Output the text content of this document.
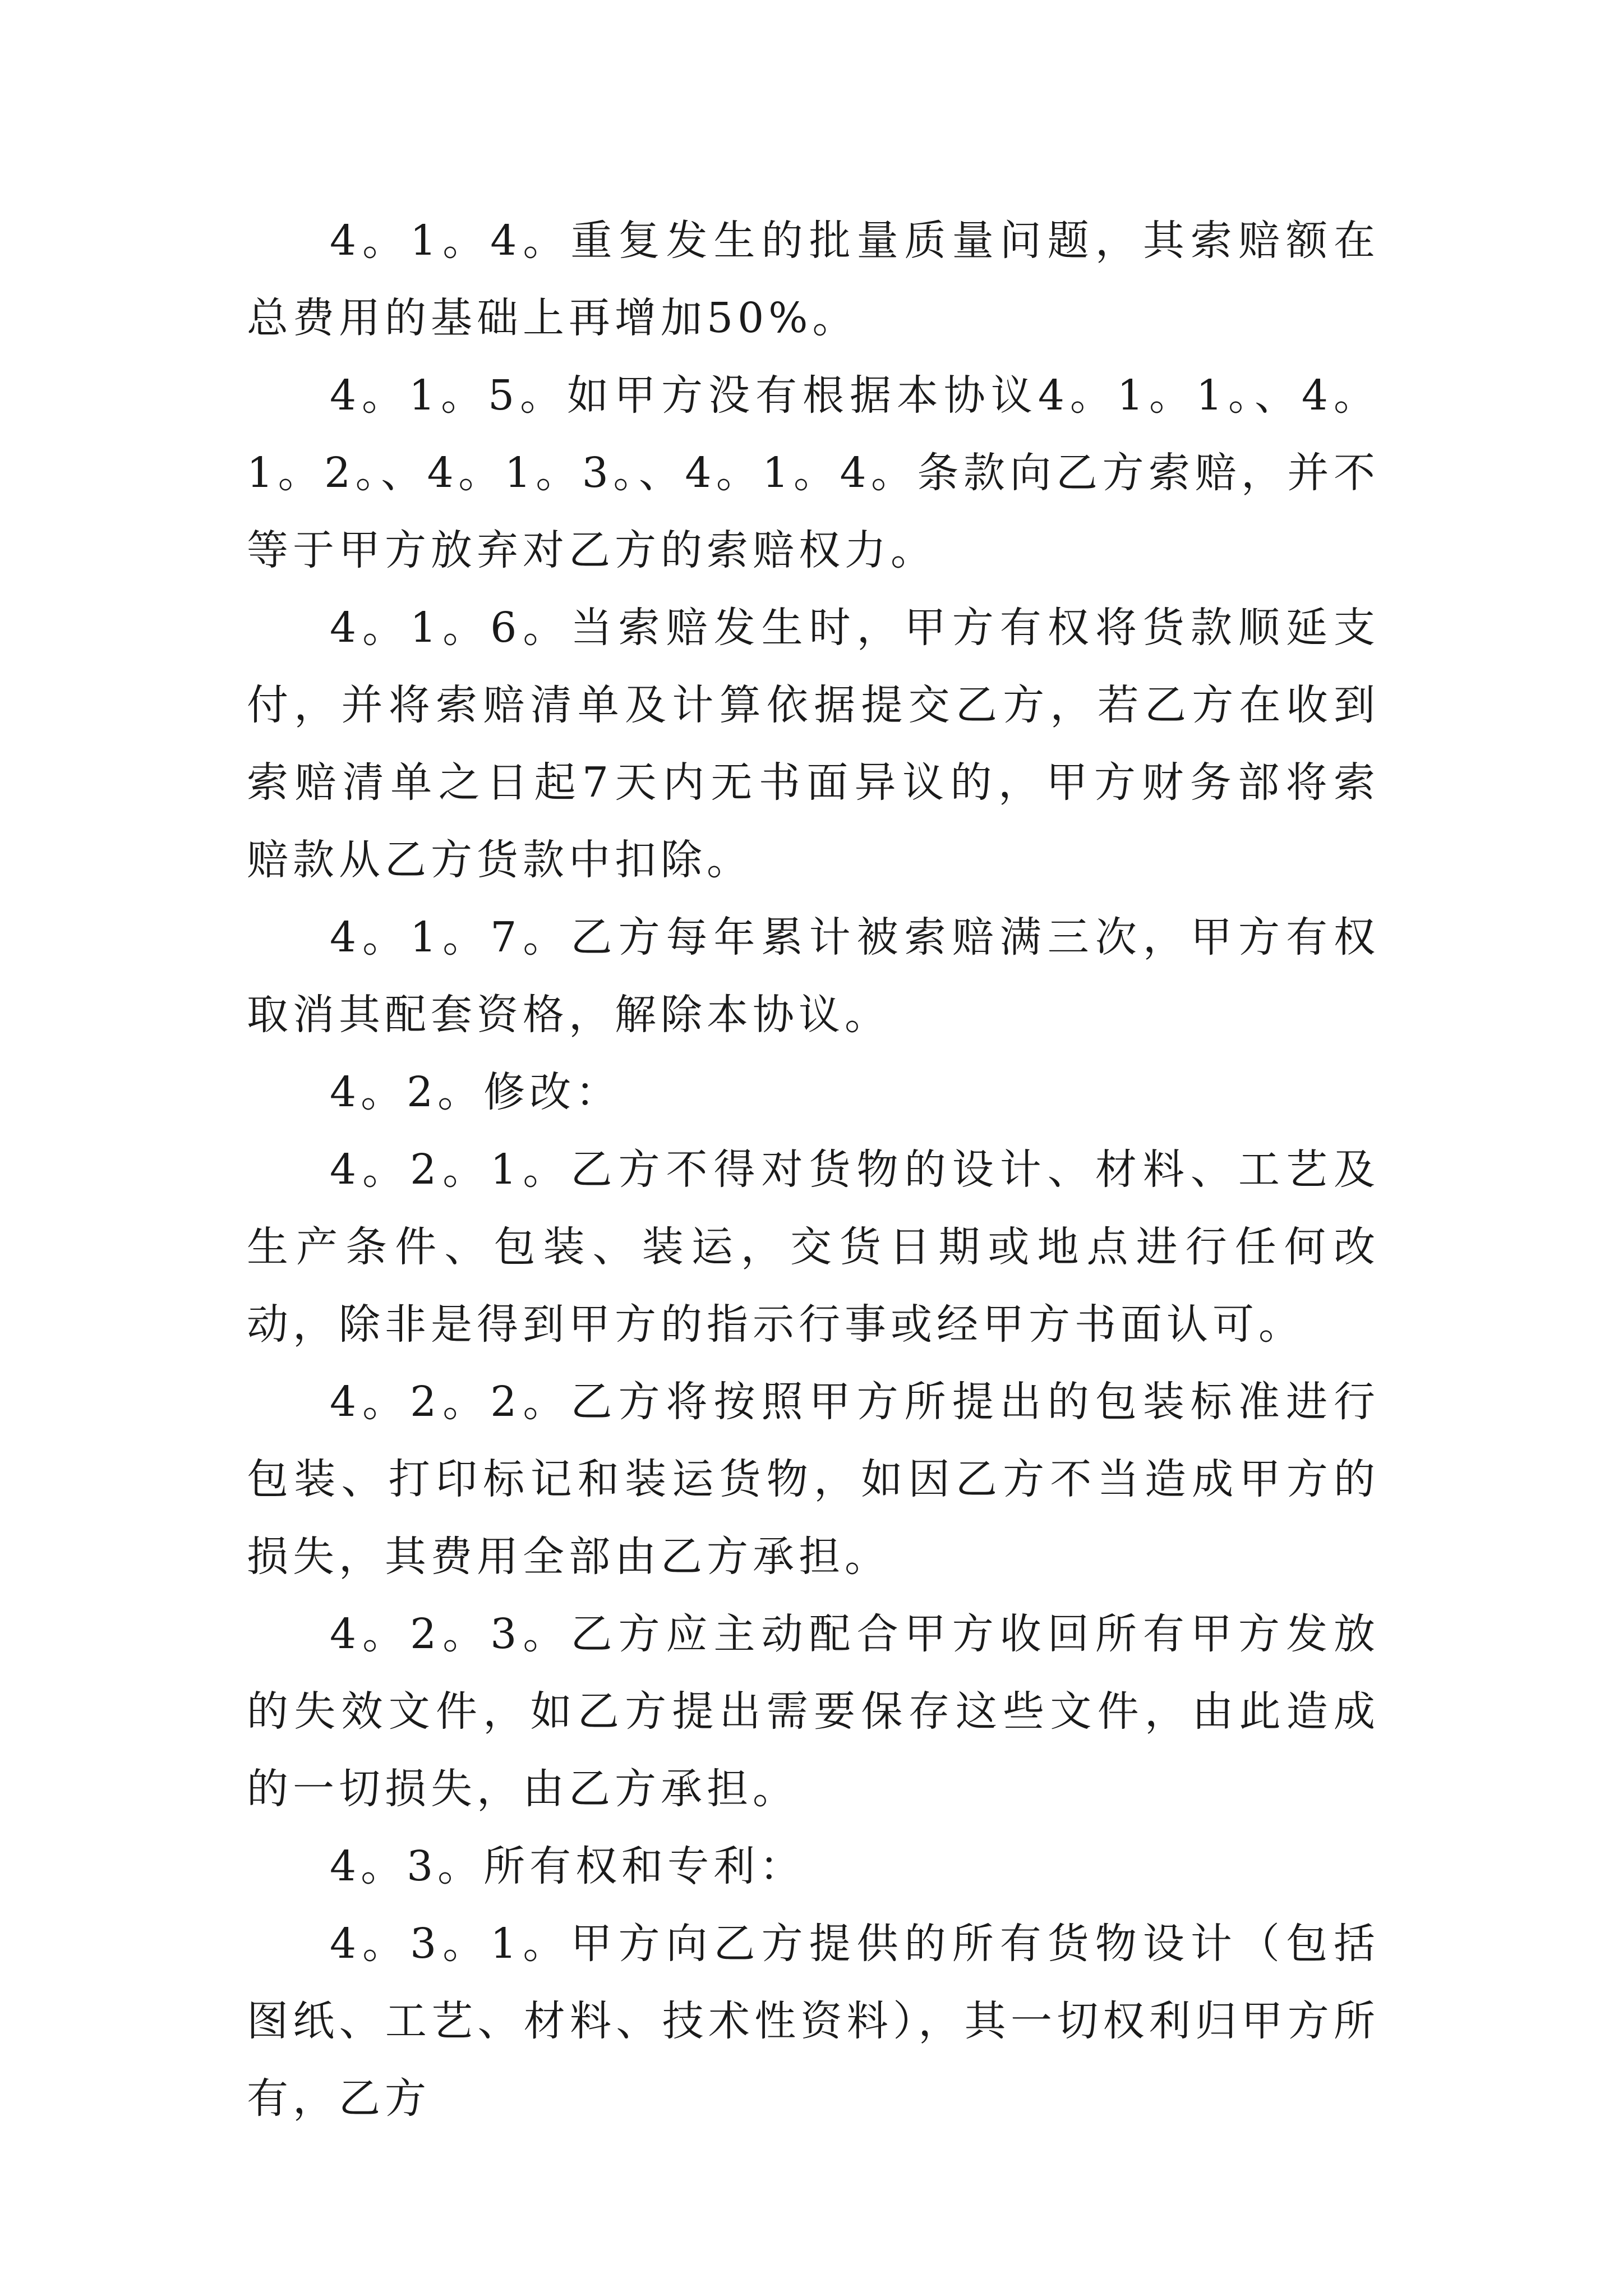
4。1。4。重复发生的批量质量问题，其索赔额在总费用的基础上再增加50%。

4。1。5。如甲方没有根据本协议4。1。1。、4。1。2。、4。1。3。、4。1。4。条款向乙方索赔，并不等于甲方放弃对乙方的索赔权力。

4。1。6。当索赔发生时，甲方有权将货款顺延支付，并将索赔清单及计算依据提交乙方，若乙方在收到索赔清单之日起7天内无书面异议的，甲方财务部将索赔款从乙方货款中扣除。

4。1。7。乙方每年累计被索赔满三次，甲方有权取消其配套资格，解除本协议。

4。2。修改：

4。2。1。乙方不得对货物的设计、材料、工艺及生产条件、包装、装运，交货日期或地点进行任何改动，除非是得到甲方的指示行事或经甲方书面认可。

4。2。2。乙方将按照甲方所提出的包装标准进行包装、打印标记和装运货物，如因乙方不当造成甲方的损失，其费用全部由乙方承担。

4。2。3。乙方应主动配合甲方收回所有甲方发放的失效文件，如乙方提出需要保存这些文件，由此造成的一切损失，由乙方承担。

4。3。所有权和专利：

4。3。1。甲方向乙方提供的所有货物设计（包括图纸、工艺、材料、技术性资料），其一切权利归甲方所有，乙方
